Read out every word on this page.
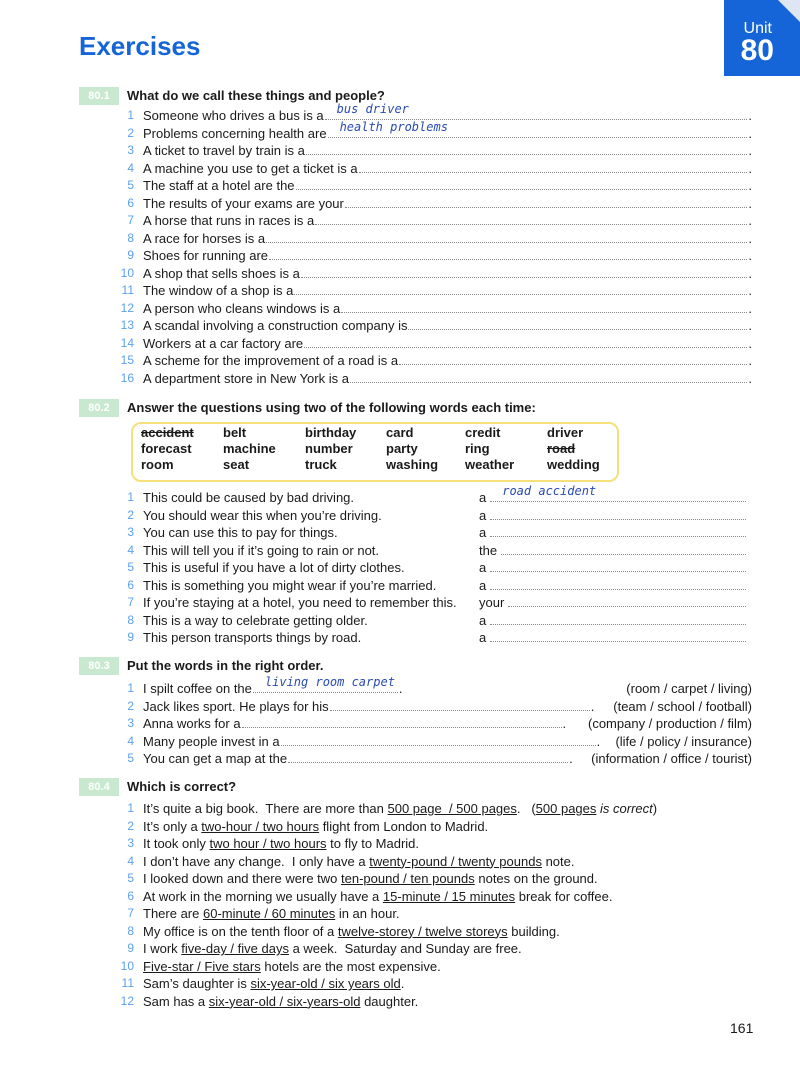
Unit
80
Exercises
80.1	What do we call these things and people?
1 Someone who drives a bus is a bus driver	.
2 Problems concerning health are health problems	.
3 A ticket to travel by train is a	.
4 A machine you use to get a ticket is a	.
5 The staff at a hotel are the	.
6 The results of your exams are your	.
7 A horse that runs in races is a	.
8 A race for horses is a	.
9 Shoes for running are	.
10 A shop that sells shoes is a	.
11 The window of a shop is a	.
12 A person who cleans windows is a	.
13 A scandal involving a construction company is	.
14 Workers at a car factory are	.
15 A scheme for the improvement of a road is a	.
16 A department store in New York is a	.
80.2	Answer the questions using two of the following words each time:
accident	belt	birthday	card	credit	driver
forecast	machine	number	party	ring	road
room	seat	truck	washing	weather	wedding
1 This could be caused by bad driving.	a road accident
2 You should wear this when you’re driving.	a
3 You can use this to pay for things.	a
4 This will tell you if it’s going to rain or not.	the
5 This is useful if you have a lot of dirty clothes.	a
6 This is something you might wear if you’re married.	a
7 If you’re staying at a hotel, you need to remember this.	your
8 This is a way to celebrate getting older.	a
9 This person transports things by road.	a
80.3	Put the words in the right order.
1 I spilt coffee on the living room carpet .	(room / carpet / living)
2 Jack likes sport. He plays for his	. (team / school / football)
3 Anna works for a	. (company / production / film)
4 Many people invest in a	. (life / policy / insurance)
5 You can get a map at the	. (information / office / tourist)
80.4	Which is correct?
1 It’s quite a big book.  There are more than 500 page  / 500 pages .   ( 500 pages is correct )
2 It’s only a two-hour / two hours flight from London to Madrid.
3 It took only two hour / two hours to fly to Madrid.
4 I don’t have any change.  I only have a twenty-pound / twenty pounds note.
5 I looked down and there were two ten-pound / ten pounds notes on the ground.
6 At work in the morning we usually have a 15-minute / 15 minutes break for coffee.
7 There are 60-minute / 60 minutes in an hour.
8 My office is on the tenth floor of a twelve-storey / twelve storeys building.
9 I work five-day / five days a week.  Saturday and Sunday are free.
10 Five-star / Five stars hotels are the most expensive.
11 Sam’s daughter is six-year-old / six years old .
12 Sam has a six-year-old / six-years-old daughter.
161
